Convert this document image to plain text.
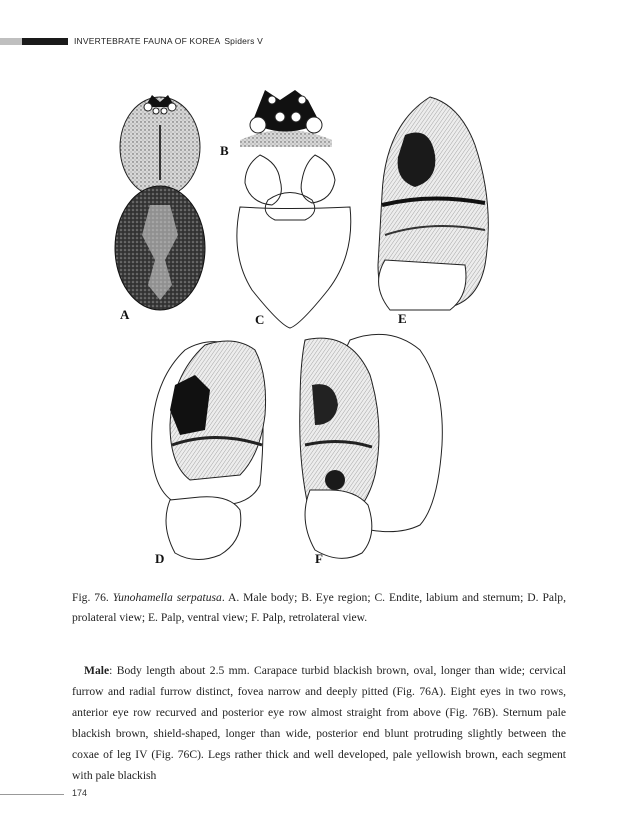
INVERTEBRATE FAUNA OF KOREA Spiders V
A
B
C	E
D	F
Fig. 76. Yunohamella serpatusa. A. Male body; B. Eye region; C. Endite, labium and sternum; D. Palp, prolateral view; E. Palp, ventral view; F. Palp, retrolateral view.

Male: Body length about 2.5 mm. Carapace turbid blackish brown, oval, longer than wide; cervical furrow and radial furrow distinct, fovea narrow and deeply pitted (Fig. 76A). Eight eyes in two rows, anterior eye row recurved and posterior eye row almost straight from above (Fig. 76B). Sternum pale blackish brown, shield-shaped, longer than wide, posterior end blunt protruding slightly between the coxae of leg IV (Fig. 76C). Legs rather thick and well developed, pale yellowish brown, each segment with pale blackish

174
